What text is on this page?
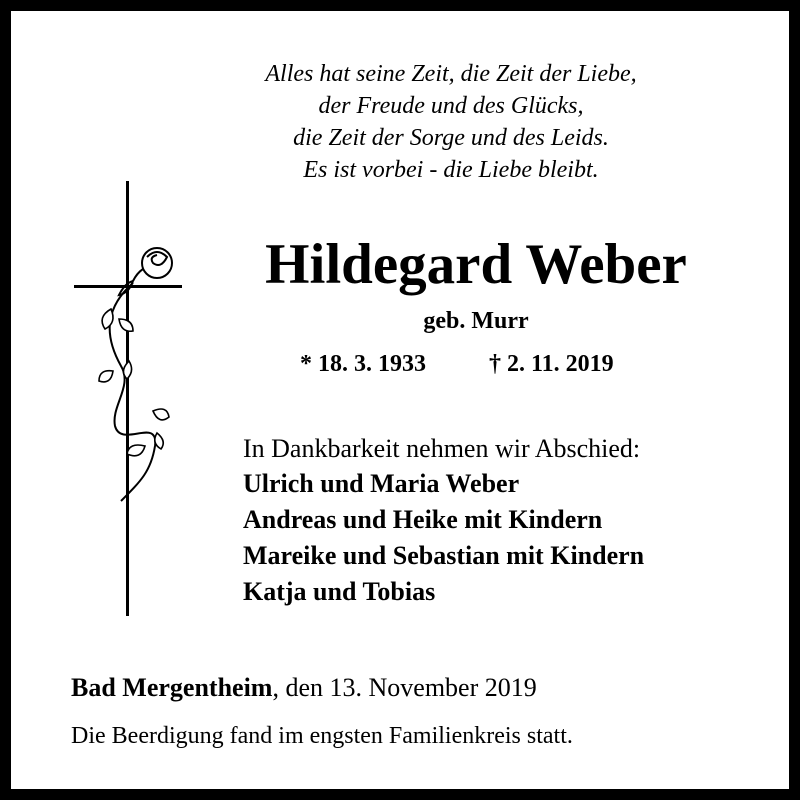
Alles hat seine Zeit, die Zeit der Liebe,
der Freude und des Glücks,
die Zeit der Sorge und des Leids.
Es ist vorbei - die Liebe bleibt.
Hildegard Weber
geb. Murr
* 18. 3. 1933	† 2. 11. 2019
In Dankbarkeit nehmen wir Abschied:
Ulrich und Maria Weber
Andreas und Heike mit Kindern
Mareike und Sebastian mit Kindern
Katja und Tobias
Bad Mergentheim, den 13. November 2019
Die Beerdigung fand im engsten Familienkreis statt.
